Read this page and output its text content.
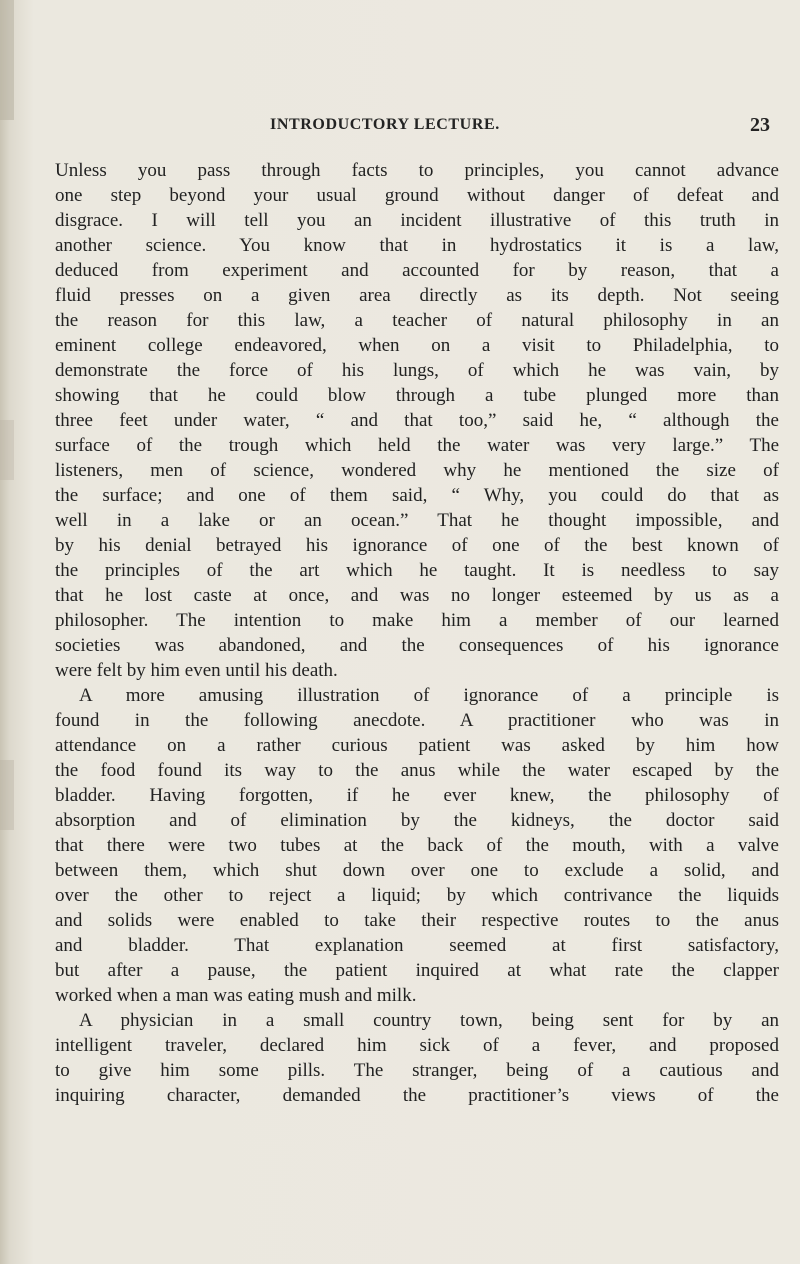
INTRODUCTORY LECTURE.	23
Unless you pass through facts to principles, you cannot advance
one step beyond your usual ground without danger of defeat and
disgrace. I will tell you an incident illustrative of this truth in
another science. You know that in hydrostatics it is a law,
deduced from experiment and accounted for by reason, that a
fluid presses on a given area directly as its depth. Not seeing
the reason for this law, a teacher of natural philosophy in an
eminent college endeavored, when on a visit to Philadelphia, to
demonstrate the force of his lungs, of which he was vain, by
showing that he could blow through a tube plunged more than
three feet under water, “ and that too,” said he, “ although the
surface of the trough which held the water was very large.” The
listeners, men of science, wondered why he mentioned the size of
the surface; and one of them said, “ Why, you could do that as
well in a lake or an ocean.” That he thought impossible, and
by his denial betrayed his ignorance of one of the best known of
the principles of the art which he taught. It is needless to say
that he lost caste at once, and was no longer esteemed by us as a
philosopher. The intention to make him a member of our learned
societies was abandoned, and the consequences of his ignorance
were felt by him even until his death.
A more amusing illustration of ignorance of a principle is
found in the following anecdote. A practitioner who was in
attendance on a rather curious patient was asked by him how
the food found its way to the anus while the water escaped by the
bladder. Having forgotten, if he ever knew, the philosophy of
absorption and of elimination by the kidneys, the doctor said
that there were two tubes at the back of the mouth, with a valve
between them, which shut down over one to exclude a solid, and
over the other to reject a liquid; by which contrivance the liquids
and solids were enabled to take their respective routes to the anus
and bladder. That explanation seemed at first satisfactory,
but after a pause, the patient inquired at what rate the clapper
worked when a man was eating mush and milk.
A physician in a small country town, being sent for by an
intelligent traveler, declared him sick of a fever, and proposed
to give him some pills. The stranger, being of a cautious and
inquiring character, demanded the practitioner’s views of the
